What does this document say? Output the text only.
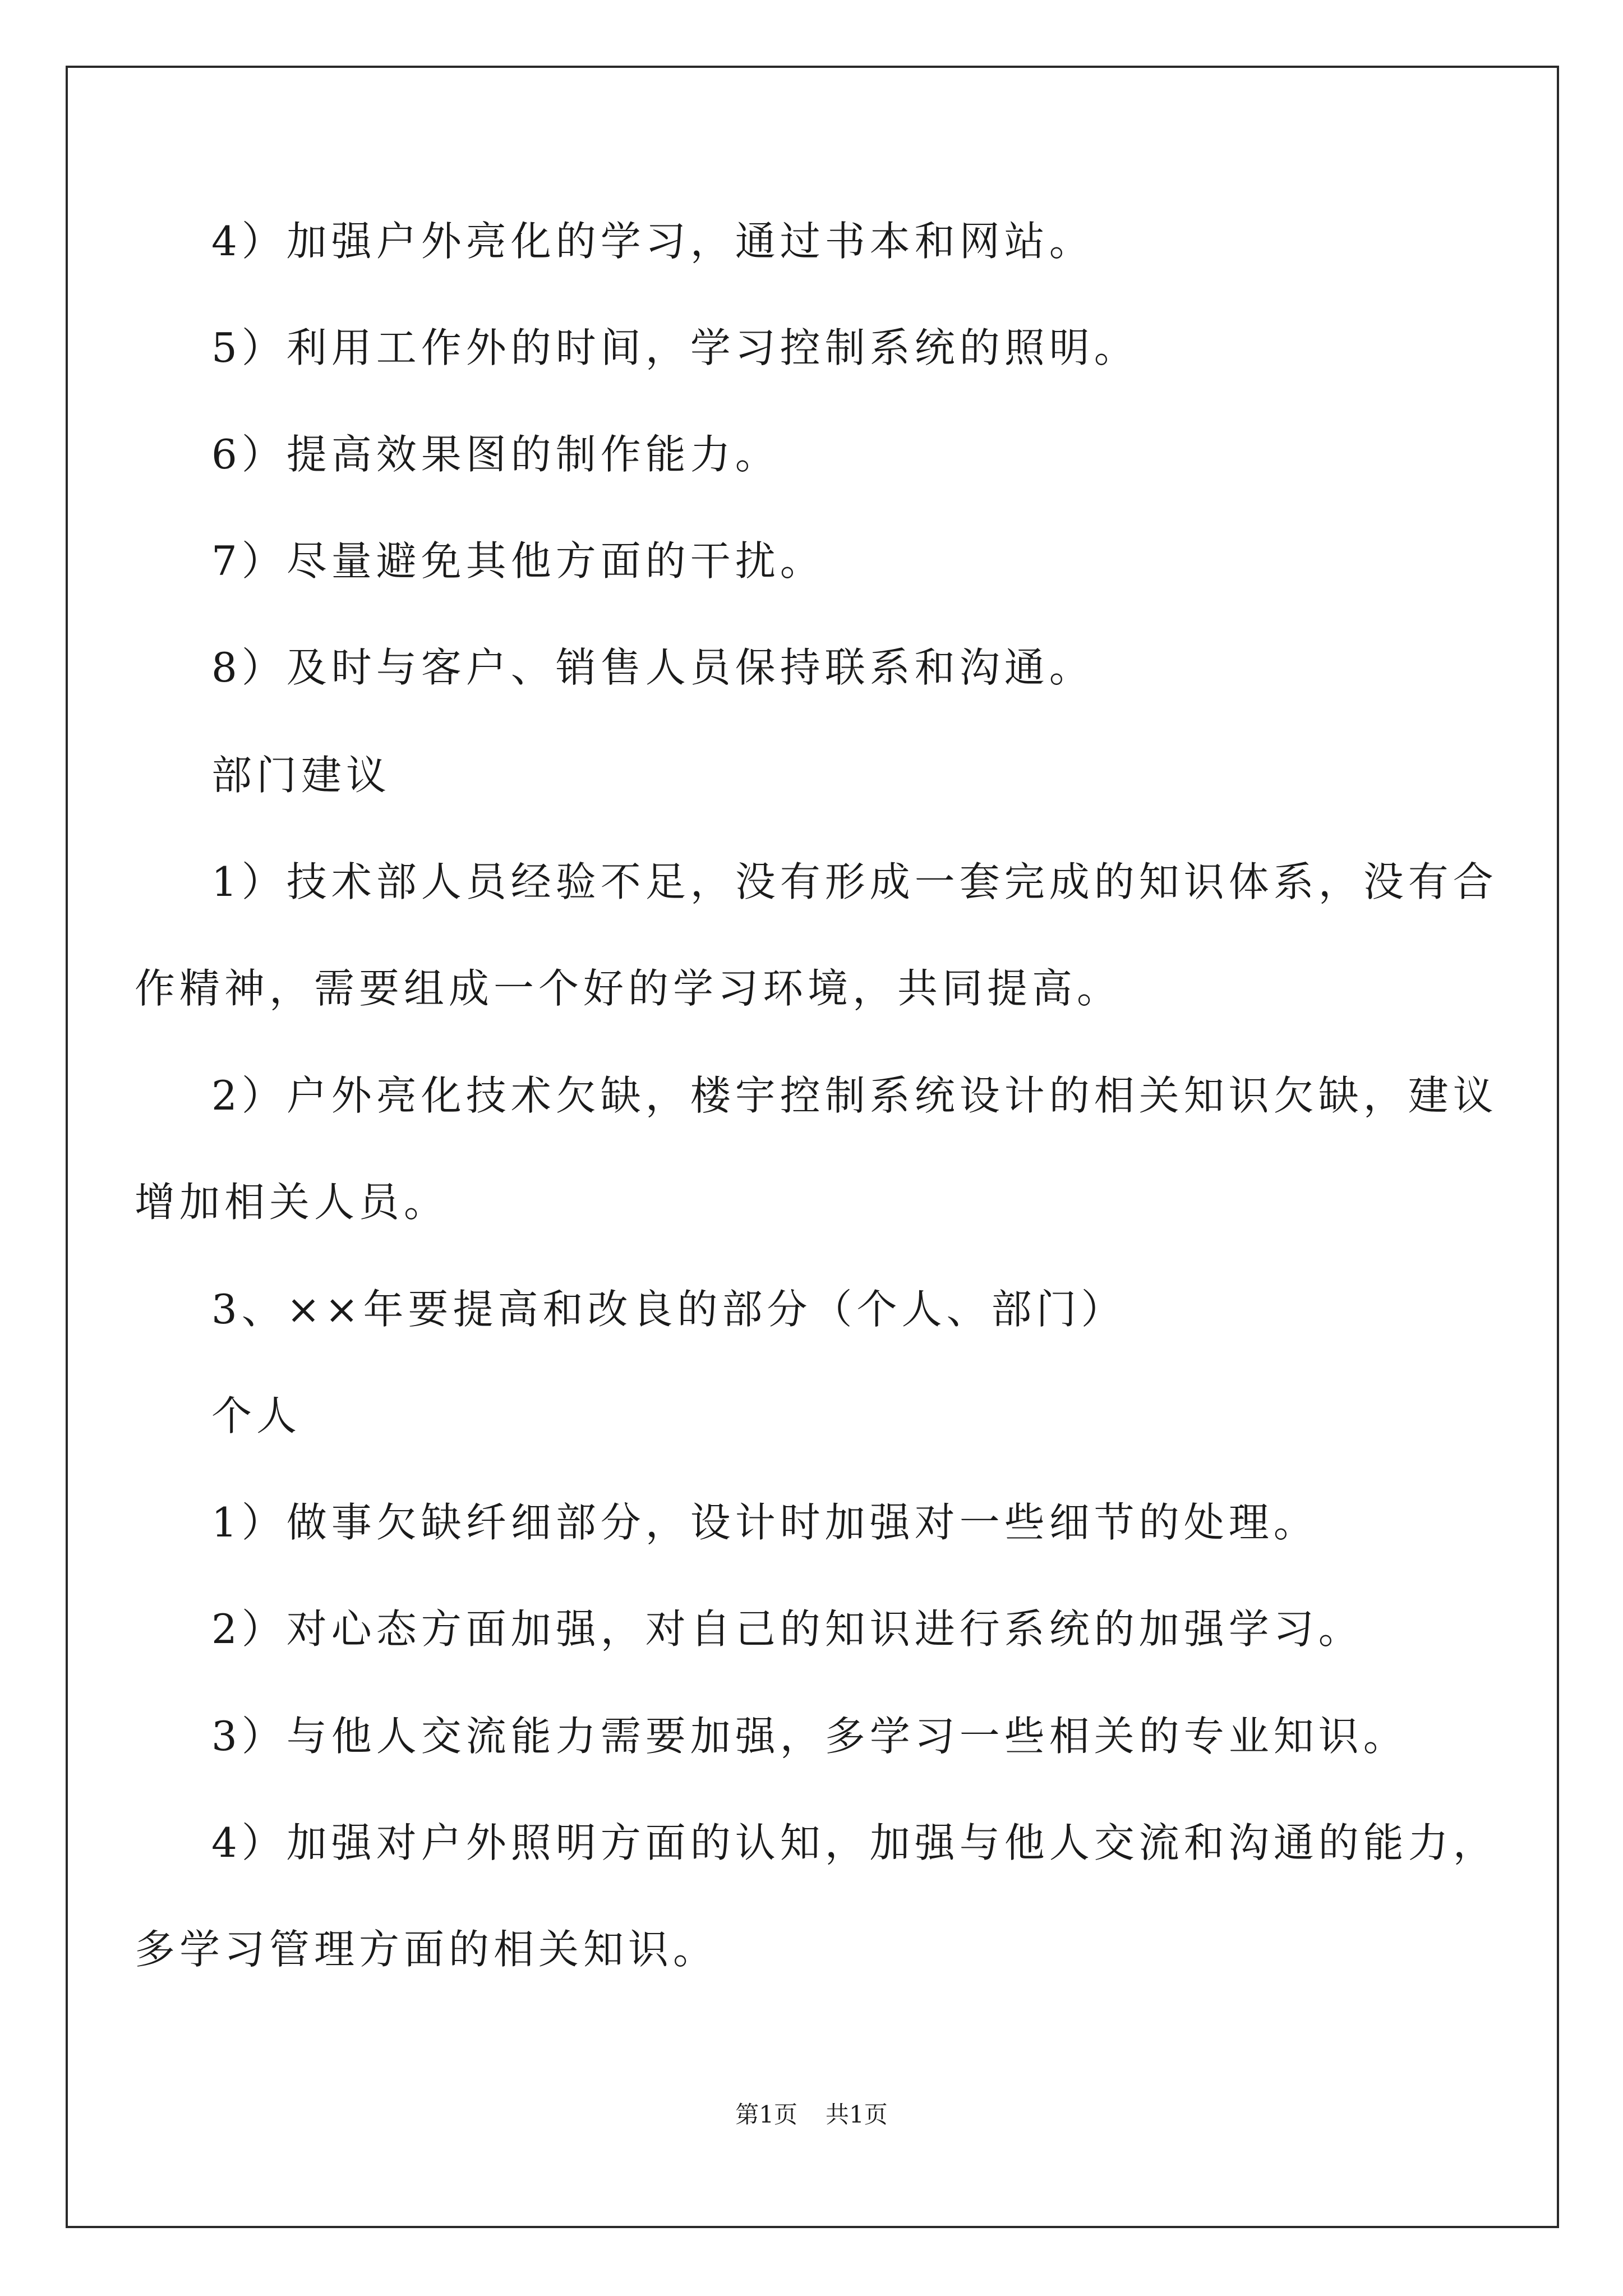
4）加强户外亮化的学习，通过书本和网站。
5）利用工作外的时间，学习控制系统的照明。
6）提高效果图的制作能力。
7）尽量避免其他方面的干扰。
8）及时与客户、销售人员保持联系和沟通。
部门建议
1）技术部人员经验不足，没有形成一套完成的知识体系，没有合
作精神，需要组成一个好的学习环境，共同提高。
2）户外亮化技术欠缺，楼宇控制系统设计的相关知识欠缺，建议
增加相关人员。
3、××年要提高和改良的部分（个人、部门）
个人
1）做事欠缺纤细部分，设计时加强对一些细节的处理。
2）对心态方面加强，对自己的知识进行系统的加强学习。
3）与他人交流能力需要加强，多学习一些相关的专业知识。
4）加强对户外照明方面的认知，加强与他人交流和沟通的能力，
多学习管理方面的相关知识。
第1页 共1页
